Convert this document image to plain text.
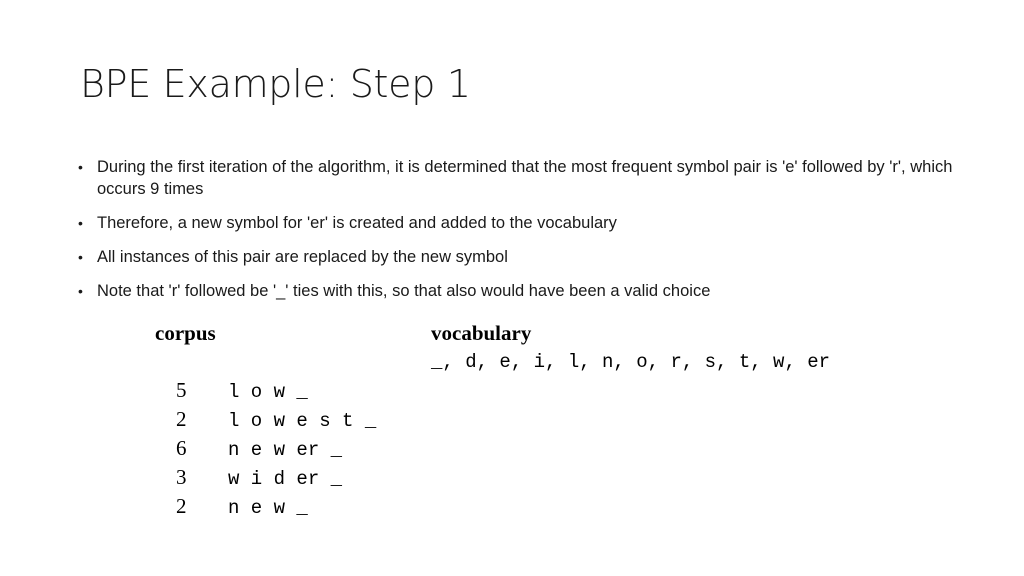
BPE Example: Step 1
• During the first iteration of the algorithm, it is determined that the most frequent symbol pair is 'e' followed by 'r', which occurs 9 times
• Therefore, a new symbol for 'er' is created and added to the vocabulary
• All instances of this pair are replaced by the new symbol
• Note that 'r' followed be '_' ties with this, so that also would have been a valid choice
corpus	vocabulary

5 l o w _

2 l o w e s t _

6 n e w er _

3 w i d er _

2 n e w _

_, d, e, i, l, n, o, r, s, t, w, er
